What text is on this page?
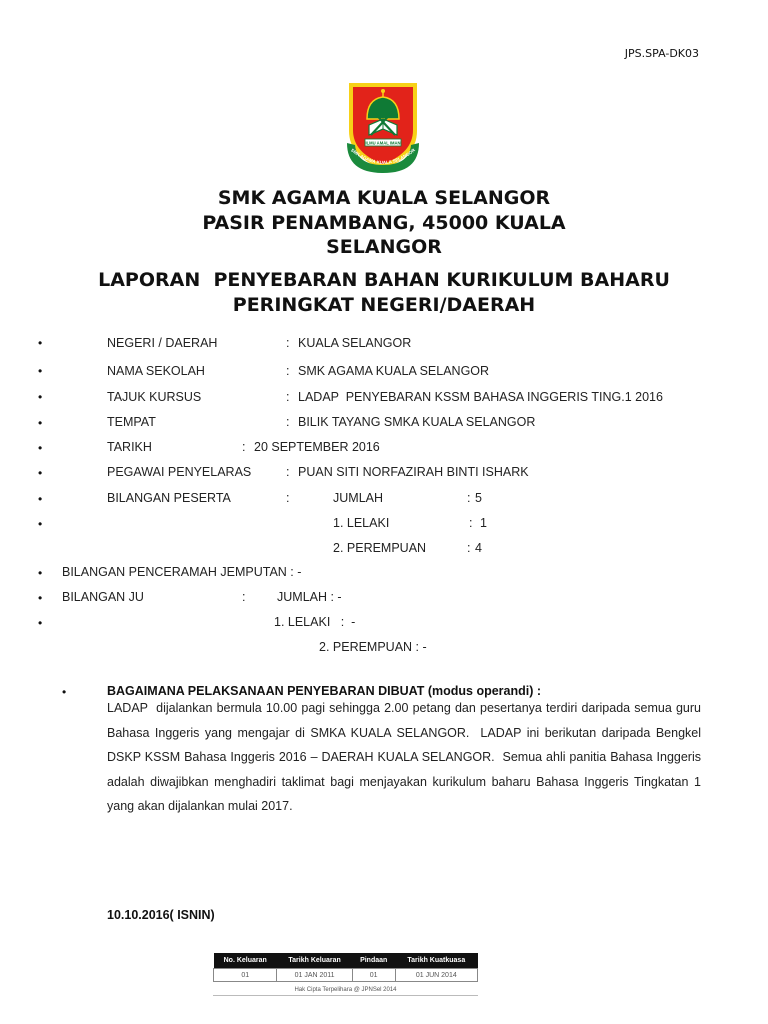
JPS.SPA-DK03
ILMU AMAL IMAN
SMK AGAMA KUALA SELANGOR
SMK AGAMA KUALA SELANGOR
PASIR PENAMBANG, 45000 KUALA
SELANGOR
LAPORAN  PENYEBARAN BAHAN KURIKULUM BAHARU
PERINGKAT NEGERI/DAERAH
•
NEGERI / DAERAH	: KUALA SELANGOR
•
NAMA SEKOLAH	: SMK AGAMA KUALA SELANGOR
•
TAJUK KURSUS	: LADAP  PENYEBARAN KSSM BAHASA INGGERIS TING.1 2016
•
TEMPAT	: BILIK TAYANG SMKA KUALA SELANGOR
•
TARIKH	: 20 SEPTEMBER 2016
•
PEGAWAI PENYELARAS	: PUAN SITI NORFAZIRAH BINTI ISHARK
•
BILANGAN PESERTA	:	JUMLAH	: 5
•
1. LELAKI	: 1
2. PEREMPUAN	: 4
•
BILANGAN PENCERAMAH JEMPUTAN : -
•
BILANGAN JU	:	JUMLAH : -
•
1. LELAKI   :  -
2. PEREMPUAN : -
•
BAGAIMANA PELAKSANAAN PENYEBARAN DIBUAT (modus operandi) :
LADAP  dijalankan bermula 10.00 pagi sehingga 2.00 petang dan pesertanya terdiri daripada semua guru Bahasa Inggeris yang mengajar di SMKA KUALA SELANGOR.  LADAP ini berikutan daripada Bengkel DSKP KSSM Bahasa Inggeris 2016 – DAERAH KUALA SELANGOR.  Semua ahli panitia Bahasa Inggeris adalah diwajibkan menghadiri taklimat bagi menjayakan kurikulum baharu Bahasa Inggeris Tingkatan 1 yang akan dijalankan mulai 2017.
10.10.2016( ISNIN)
No. Keluaran	Tarikh Keluaran	Pindaan	Tarikh Kuatkuasa
01	01 JAN 2011	01	01 JUN 2014
Hak Cipta Terpelihara @ JPNSel 2014
